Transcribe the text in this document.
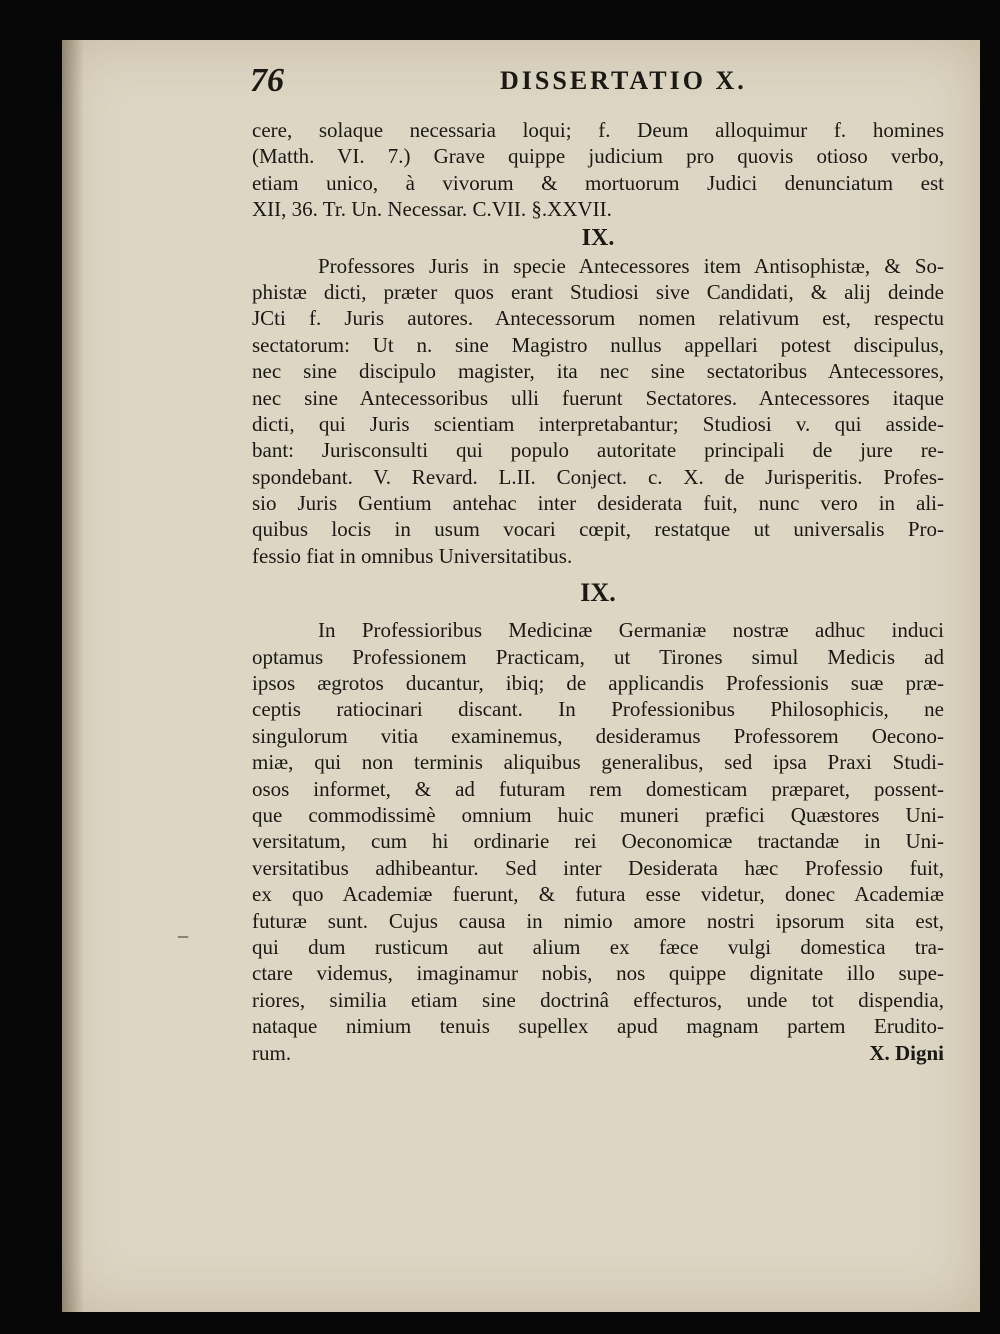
76	DISSERTATIO X.
cere, solaque necessaria loqui; f. Deum alloquimur f. homines
(Matth. VI. 7.) Grave quippe judicium pro quovis otioso verbo,
etiam unico, à vivorum & mortuorum Judici denunciatum est
XII, 36. Tr. Un. Necessar. C.VII. §.XXVII.
IX.
Professores Juris in specie Antecessores item Antisophistæ, & So-
phistæ dicti, præter quos erant Studiosi sive Candidati, & alij deinde
JCti f. Juris autores. Antecessorum nomen relativum est, respectu
sectatorum: Ut n. sine Magistro nullus appellari potest discipulus,
nec sine discipulo magister, ita nec sine sectatoribus Antecessores,
nec sine Antecessoribus ulli fuerunt Sectatores. Antecessores itaque
dicti, qui Juris scientiam interpretabantur; Studiosi v. qui asside-
bant: Jurisconsulti qui populo autoritate principali de jure re-
spondebant. V. Revard. L.II. Conject. c. X. de Jurisperitis. Profes-
sio Juris Gentium antehac inter desiderata fuit, nunc vero in ali-
quibus locis in usum vocari cœpit, restatque ut universalis Pro-
fessio fiat in omnibus Universitatibus.
IX.
In Professioribus Medicinæ Germaniæ nostræ adhuc induci
optamus Professionem Practicam, ut Tirones simul Medicis ad
ipsos ægrotos ducantur, ibiq; de applicandis Professionis suæ præ-
ceptis ratiocinari discant. In Professionibus Philosophicis, ne
singulorum vitia examinemus, desideramus Professorem Oecono-
miæ, qui non terminis aliquibus generalibus, sed ipsa Praxi Studi-
osos informet, & ad futuram rem domesticam præparet, possent-
que commodissimè omnium huic muneri præfici Quæstores Uni-
versitatum, cum hi ordinarie rei Oeconomicæ tractandæ in Uni-
versitatibus adhibeantur. Sed inter Desiderata hæc Professio fuit,
ex quo Academiæ fuerunt, & futura esse videtur, donec Academiæ
futuræ sunt. Cujus causa in nimio amore nostri ipsorum sita est,
qui dum rusticum aut alium ex fæce vulgi domestica tra-
ctare videmus, imaginamur nobis, nos quippe dignitate illo supe-
riores, similia etiam sine doctrinâ effecturos, unde tot dispendia,
nataque nimium tenuis supellex apud magnam partem Erudito-
rum.	X. Digni
_
